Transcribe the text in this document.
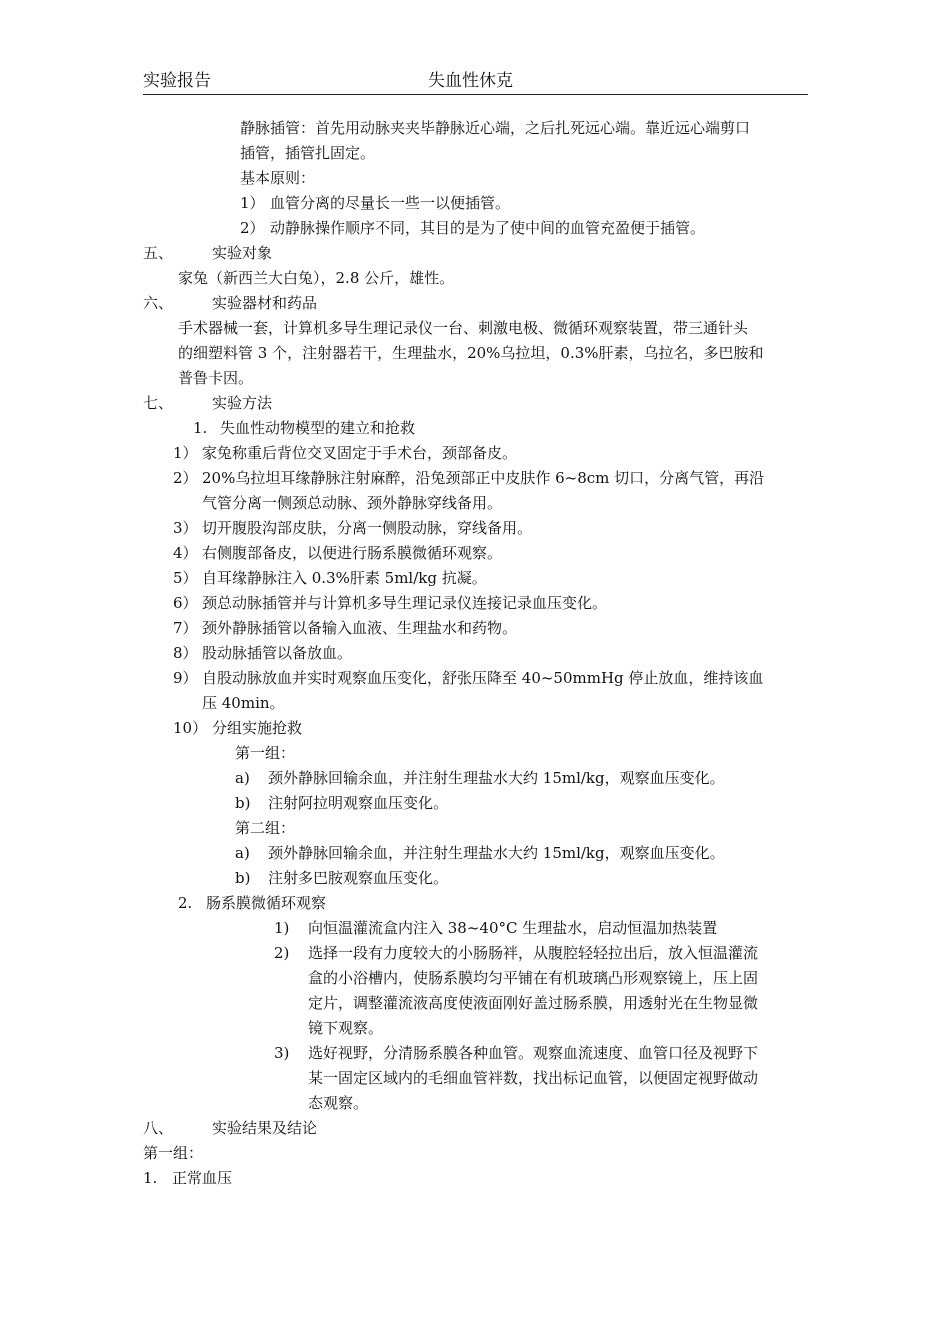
实验报告	失血性休克
静脉插管：首先用动脉夹夹毕静脉近心端，之后扎死远心端。靠近远心端剪口
插管，插管扎固定。
基本原则：
1） 血管分离的尽量长一些一以便插管。
2） 动静脉操作顺序不同，其目的是为了使中间的血管充盈便于插管。
五、	实验对象
家兔（新西兰大白兔），2.8 公斤，雄性。
六、	实验器材和药品
手术器械一套，计算机多导生理记录仪一台、刺激电极、微循环观察装置，带三通针头
的细塑料管 3 个，注射器若干，生理盐水，20%乌拉坦，0.3%肝素，乌拉名，多巴胺和
普鲁卡因。
七、	实验方法
1. 失血性动物模型的建立和抢救
1） 家兔称重后背位交叉固定于手术台，颈部备皮。
2） 20%乌拉坦耳缘静脉注射麻醉，沿兔颈部正中皮肤作 6~8cm 切口，分离气管，再沿
气管分离一侧颈总动脉、颈外静脉穿线备用。
3） 切开腹股沟部皮肤，分离一侧股动脉，穿线备用。
4） 右侧腹部备皮，以便进行肠系膜微循环观察。
5） 自耳缘静脉注入 0.3%肝素 5ml/kg 抗凝。
6） 颈总动脉插管并与计算机多导生理记录仪连接记录血压变化。
7） 颈外静脉插管以备输入血液、生理盐水和药物。
8） 股动脉插管以备放血。
9） 自股动脉放血并实时观察血压变化，舒张压降至 40~50mmHg 停止放血，维持该血
压 40min。
10） 分组实施抢救
第一组：
a) 颈外静脉回输余血，并注射生理盐水大约 15ml/kg，观察血压变化。
b) 注射阿拉明观察血压变化。
第二组：
a) 颈外静脉回输余血，并注射生理盐水大约 15ml/kg，观察血压变化。
b) 注射多巴胺观察血压变化。
2. 肠系膜微循环观察
1) 向恒温灌流盒内注入 38~40°C 生理盐水，启动恒温加热装置
2) 选择一段有力度较大的小肠肠袢，从腹腔轻轻拉出后，放入恒温灌流
盒的小浴槽内，使肠系膜均匀平铺在有机玻璃凸形观察镜上，压上固
定片，调整灌流液高度使液面刚好盖过肠系膜，用透射光在生物显微
镜下观察。
3) 选好视野，分清肠系膜各种血管。观察血流速度、血管口径及视野下
某一固定区域内的毛细血管袢数，找出标记血管，以便固定视野做动
态观察。
八、	实验结果及结论
第一组：
1. 正常血压
